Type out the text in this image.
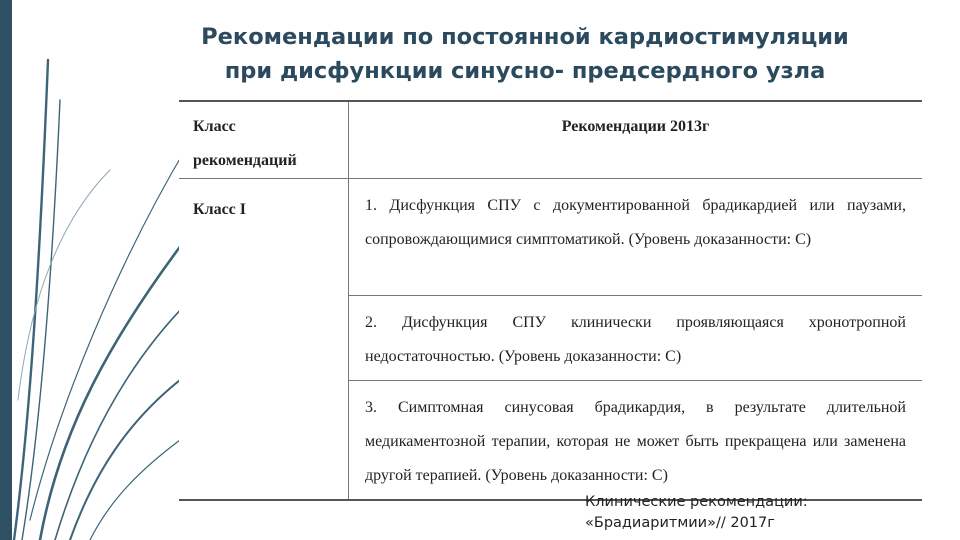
Рекомендации по постоянной кардиостимуляции
при дисфункции синусно- предсердного узла
Класс рекомендаций	Рекомендации 2013г
Класс I	1. Дисфункция СПУ с документированной брадикардией или паузами, сопровождающимися симптоматикой. (Уровень доказанности: С)
	2. Дисфункция СПУ клинически проявляющаяся хронотропной недостаточностью. (Уровень доказанности: С)
	3. Симптомная синусовая брадикардия, в результате длительной медикаментозной терапии, которая не может быть прекращена или заменена другой терапией. (Уровень доказанности: С)
Клинические рекомендации:
«Брадиаритмии»// 2017г
